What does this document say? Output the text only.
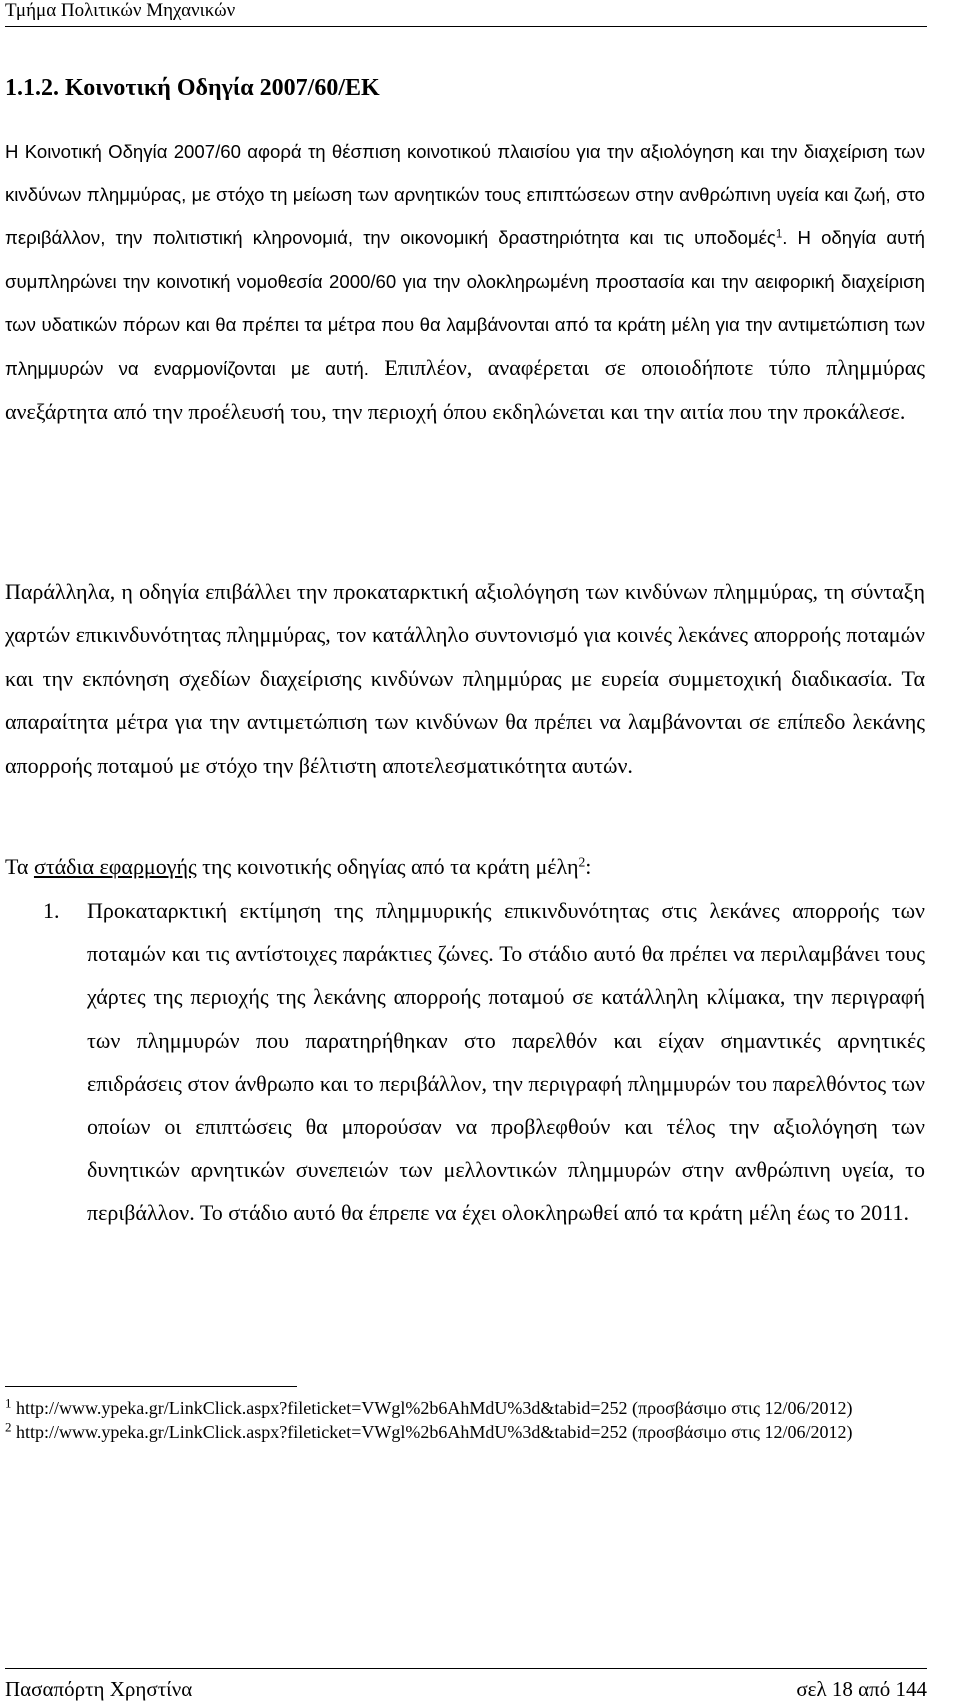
Τμήμα Πολιτικών Μηχανικών
1.1.2. Κοινοτική Οδηγία 2007/60/ΕΚ

Η Κοινοτική Οδηγία 2007/60 αφορά τη θέσπιση κοινοτικού πλαισίου για την αξιολόγηση και την διαχείριση των κινδύνων πλημμύρας, με στόχο τη μείωση των αρνητικών τους επιπτώσεων στην ανθρώπινη υγεία και ζωή, στο περιβάλλον, την πολιτιστική κληρονομιά, την οικονομική δραστηριότητα και τις υποδομές$^1$. Η οδηγία αυτή συμπληρώνει την κοινοτική νομοθεσία 2000/60 για την ολοκληρωμένη προστασία και την αειφορική διαχείριση των υδατικών πόρων και θα πρέπει τα μέτρα που θα λαμβάνονται από τα κράτη μέλη για την αντιμετώπιση των πλημμυρών να εναρμονίζονται με αυτή. Επιπλέον, αναφέρεται σε οποιοδήποτε τύπο πλημμύρας ανεξάρτητα από την προέλευσή του, την περιοχή όπου εκδηλώνεται και την αιτία που την προκάλεσε.

Παράλληλα, η οδηγία επιβάλλει την προκαταρκτική αξιολόγηση των κινδύνων πλημμύρας, τη σύνταξη χαρτών επικινδυνότητας πλημμύρας, τον κατάλληλο συντονισμό για κοινές λεκάνες απορροής ποταμών και την εκπόνηση σχεδίων διαχείρισης κινδύνων πλημμύρας με ευρεία συμμετοχική διαδικασία. Τα απαραίτητα μέτρα για την αντιμετώπιση των κινδύνων θα πρέπει να λαμβάνονται σε επίπεδο λεκάνης απορροής ποταμού με στόχο την βέλτιστη αποτελεσματικότητα αυτών.

Τα στάδια εφαρμογής της κοινοτικής οδηγίας από τα κράτη μέλη$^2$:

1. Προκαταρκτική εκτίμηση της πλημμυρικής επικινδυνότητας στις λεκάνες απορροής των ποταμών και τις αντίστοιχες παράκτιες ζώνες. Το στάδιο αυτό θα πρέπει να περιλαμβάνει τους χάρτες της περιοχής της λεκάνης απορροής ποταμού σε κατάλληλη κλίμακα, την περιγραφή των πλημμυρών που παρατηρήθηκαν στο παρελθόν και είχαν σημαντικές αρνητικές επιδράσεις στον άνθρωπο και το περιβάλλον, την περιγραφή πλημμυρών του παρελθόντος των οποίων οι επιπτώσεις θα μπορούσαν να προβλεφθούν και τέλος την αξιολόγηση των δυνητικών αρνητικών συνεπειών των μελλοντικών πλημμυρών στην ανθρώπινη υγεία, το περιβάλλον. Το στάδιο αυτό θα έπρεπε να έχει ολοκληρωθεί από τα κράτη μέλη έως το 2011.

$^1$ http://www.ypeka.gr/LinkClick.aspx?fileticket=VWgl%2b6AhMdU%3d&tabid=252 (προσβάσιμο στις 12/06/2012)

$^2$ http://www.ypeka.gr/LinkClick.aspx?fileticket=VWgl%2b6AhMdU%3d&tabid=252 (προσβάσιμο στις 12/06/2012)

Πασαπόρτη Χρηστίνα	σελ 18 από 144
